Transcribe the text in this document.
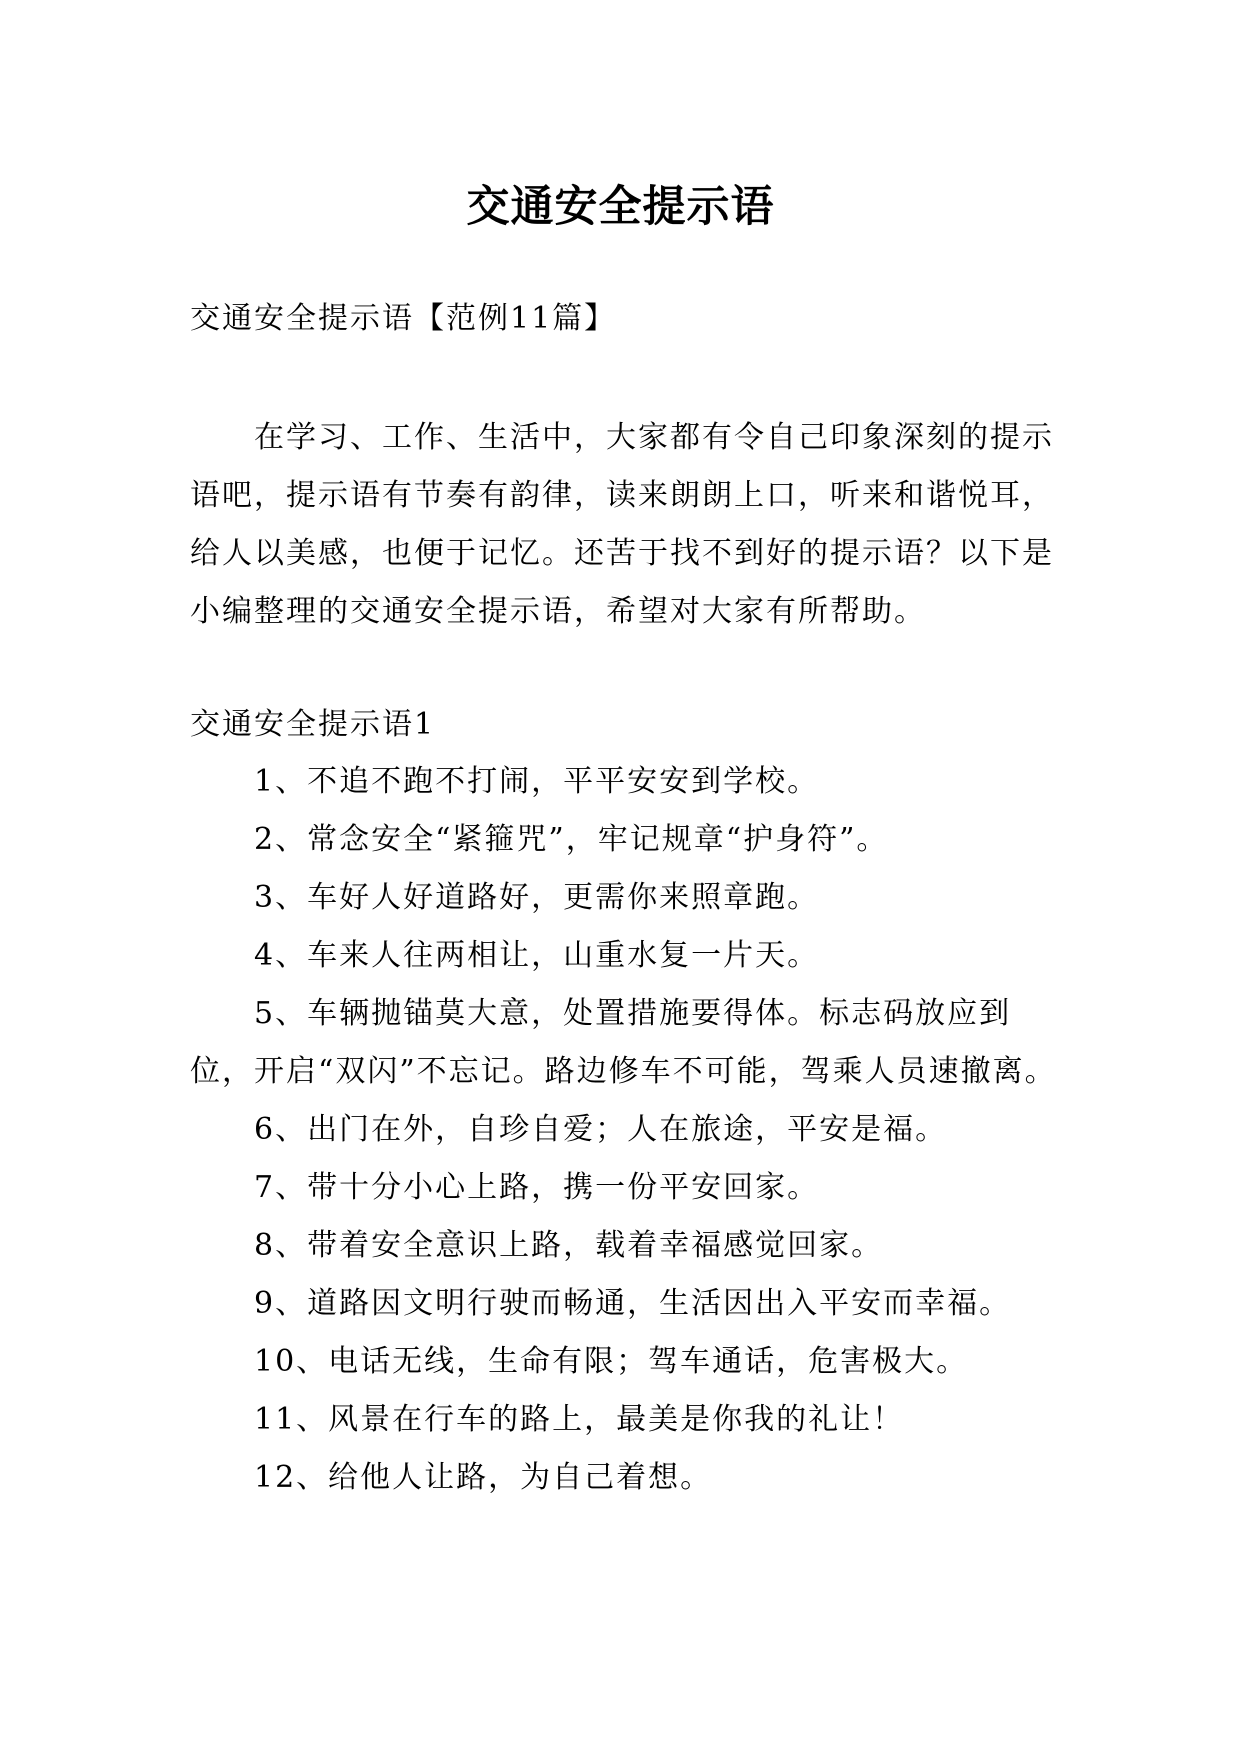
交通安全提示语

交通安全提示语【范例11篇】

在学习、工作、生活中，大家都有令自己印象深刻的提示语吧，提示语有节奏有韵律，读来朗朗上口，听来和谐悦耳，给人以美感，也便于记忆。还苦于找不到好的提示语？以下是小编整理的交通安全提示语，希望对大家有所帮助。

交通安全提示语1

1、不追不跑不打闹，平平安安到学校。
2、常念安全“紧箍咒”，牢记规章“护身符”。
3、车好人好道路好，更需你来照章跑。
4、车来人往两相让，山重水复一片天。
5、车辆抛锚莫大意，处置措施要得体。标志码放应到位，开启“双闪”不忘记。路边修车不可能，驾乘人员速撤离。
6、出门在外，自珍自爱；人在旅途，平安是福。
7、带十分小心上路，携一份平安回家。
8、带着安全意识上路，载着幸福感觉回家。
9、道路因文明行驶而畅通，生活因出入平安而幸福。
10、电话无线，生命有限；驾车通话，危害极大。
11、风景在行车的路上，最美是你我的礼让！
12、给他人让路，为自己着想。
